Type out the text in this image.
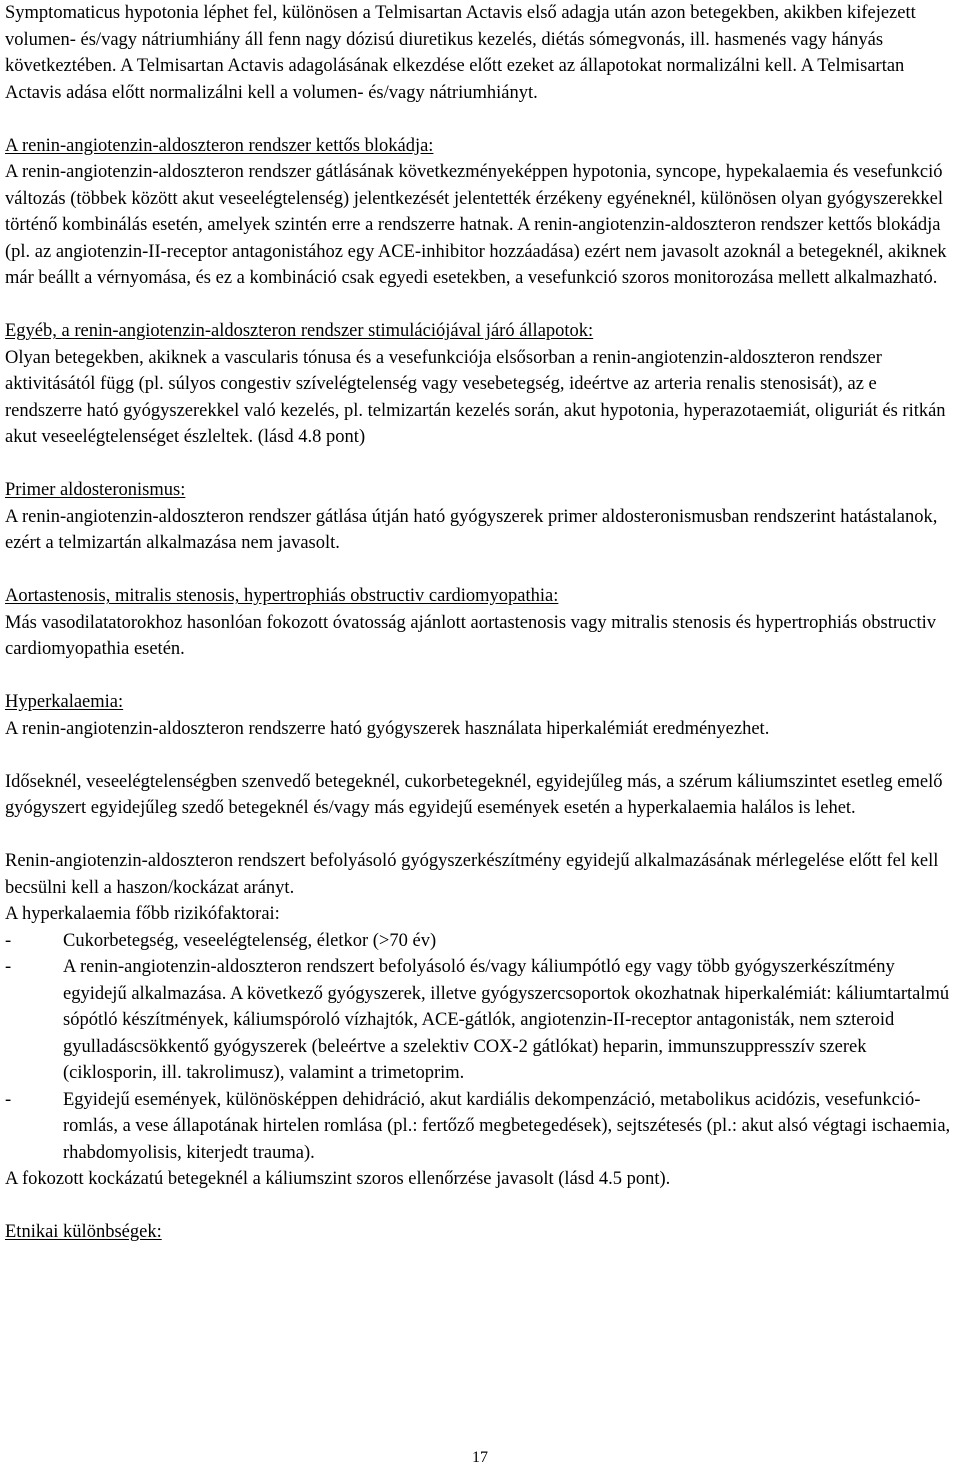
Symptomaticus hypotonia léphet fel, különösen a Telmisartan Actavis első adagja után azon betegekben, akikben kifejezett volumen- és/vagy nátriumhiány áll fenn nagy dózisú diuretikus kezelés, diétás sómegvonás, ill. hasmenés vagy hányás következtében. A Telmisartan Actavis adagolásának elkezdése előtt ezeket az állapotokat normalizálni kell. A Telmisartan Actavis adása előtt normalizálni kell a volumen- és/vagy nátriumhiányt.

A renin-angiotenzin-aldoszteron rendszer kettős blokádja:

A renin-angiotenzin-aldoszteron rendszer gátlásának következményeképpen hypotonia, syncope, hypekalaemia és vesefunkció változás (többek között akut veseelégtelenség) jelentkezését jelentették érzékeny egyéneknél, különösen olyan gyógyszerekkel történő kombinálás esetén, amelyek szintén erre a rendszerre hatnak. A renin-angiotenzin-aldoszteron rendszer kettős blokádja (pl. az angiotenzin-II-receptor antagonistához egy ACE-inhibitor hozzáadása) ezért nem javasolt azoknál a betegeknél, akiknek már beállt a vérnyomása, és ez a kombináció csak egyedi esetekben, a vesefunkció szoros monitorozása mellett alkalmazható.

Egyéb, a renin-angiotenzin-aldoszteron rendszer stimulációjával járó állapotok:

Olyan betegekben, akiknek a vascularis tónusa és a vesefunkciója elsősorban a renin-angiotenzin-aldoszteron rendszer aktivitásától függ (pl. súlyos congestiv szívelégtelenség vagy vesebetegség, ideértve az arteria renalis stenosisát), az e rendszerre ható gyógyszerekkel való kezelés, pl. telmizartán kezelés során, akut hypotonia, hyperazotaemiát, oliguriát és ritkán akut veseelégtelenséget észleltek. (lásd 4.8 pont)

Primer aldosteronismus:

A renin-angiotenzin-aldoszteron rendszer gátlása útján ható gyógyszerek primer aldosteronismusban rendszerint hatástalanok, ezért a telmizartán alkalmazása nem javasolt.

Aortastenosis, mitralis stenosis, hypertrophiás obstructiv cardiomyopathia:

Más vasodilatatorokhoz hasonlóan fokozott óvatosság ajánlott aortastenosis vagy mitralis stenosis és hypertrophiás obstructiv cardiomyopathia esetén.

Hyperkalaemia:

A renin-angiotenzin-aldoszteron rendszerre ható gyógyszerek használata hiperkalémiát eredményezhet.

Időseknél, veseelégtelenségben szenvedő betegeknél, cukorbetegeknél, egyidejűleg más, a szérum káliumszintet esetleg emelő gyógyszert egyidejűleg szedő betegeknél és/vagy más egyidejű események esetén a hyperkalaemia halálos is lehet.

Renin-angiotenzin-aldoszteron rendszert befolyásoló gyógyszerkészítmény egyidejű alkalmazásának mérlegelése előtt fel kell becsülni kell a haszon/kockázat arányt.

A hyperkalaemia főbb rizikófaktorai:

-	Cukorbetegség, veseelégtelenség, életkor (>70 év)
-	A renin-angiotenzin-aldoszteron rendszert befolyásoló és/vagy káliumpótló egy vagy több gyógyszerkészítmény egyidejű alkalmazása. A következő gyógyszerek, illetve gyógyszercsoportok okozhatnak hiperkalémiát: káliumtartalmú sópótló készítmények, káliumspóroló vízhajtók, ACE-gátlók, angiotenzin-II-receptor antagonisták, nem szteroid gyulladáscsökkentő gyógyszerek (beleértve a szelektiv COX-2 gátlókat) heparin, immunszuppresszív szerek (ciklosporin, ill. takrolimusz), valamint a trimetoprim.
-	Egyidejű események, különösképpen dehidráció, akut kardiális dekompenzáció, metabolikus acidózis, vesefunkció-romlás, a vese állapotának hirtelen romlása (pl.: fertőző megbetegedések), sejtszétesés (pl.: akut alsó végtagi ischaemia, rhabdomyolisis, kiterjedt trauma).

A fokozott kockázatú betegeknél a káliumszint szoros ellenőrzése javasolt (lásd 4.5 pont).

Etnikai különbségek:

17
